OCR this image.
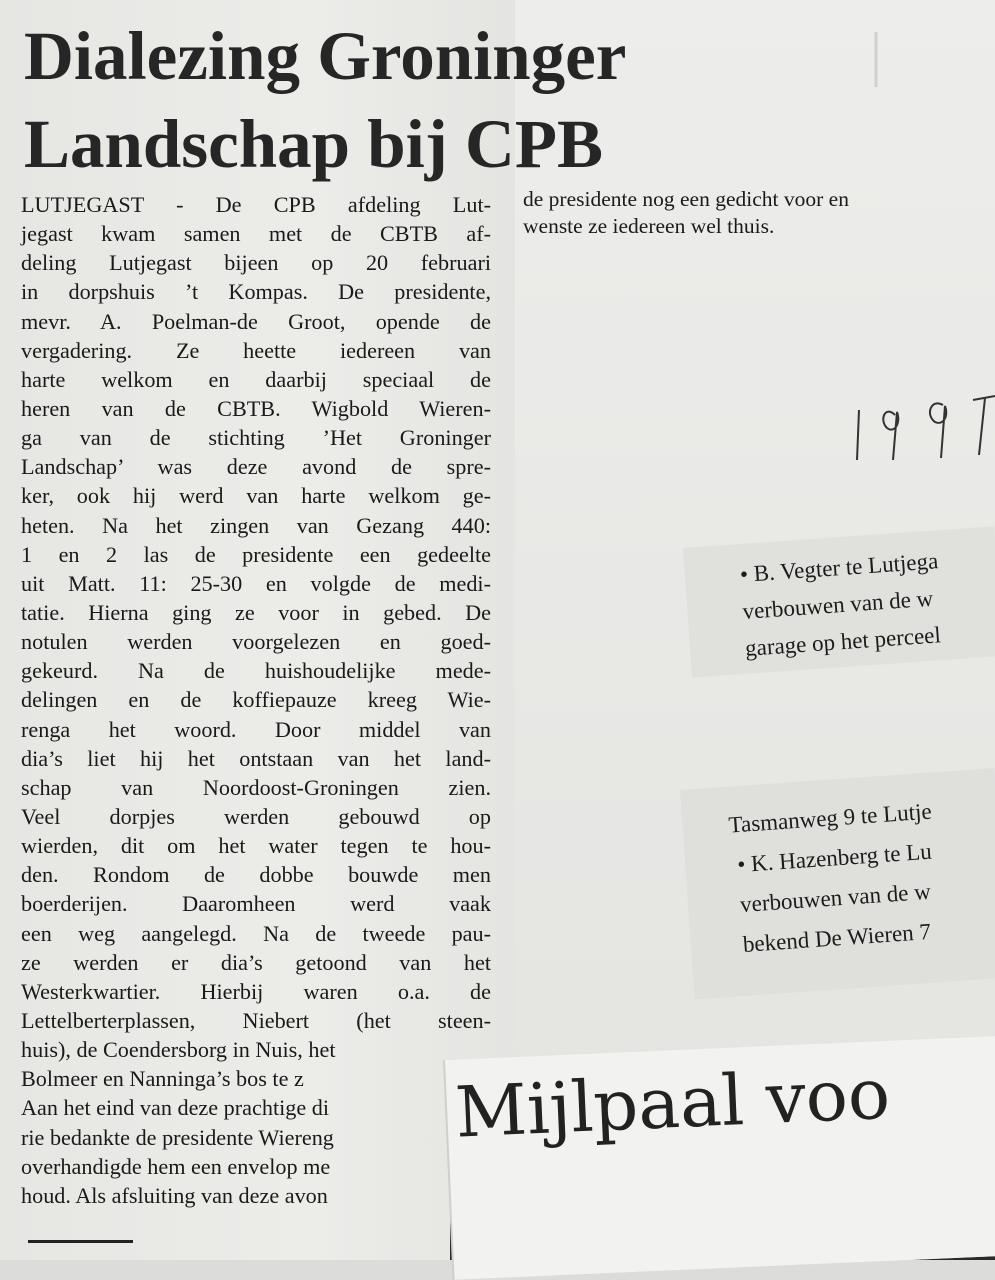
|
Dialezing Groninger
Landschap bij CPB
LUTJEGAST - De CPB afdeling Lut-
jegast kwam samen met de CBTB af-
deling Lutjegast bijeen op 20 februari
in dorpshuis ’t Kompas. De presidente,
mevr. A. Poelman-de Groot, opende de
vergadering. Ze heette iedereen van
harte welkom en daarbij speciaal de
heren van de CBTB. Wigbold Wieren-
ga van de stichting ’Het Groninger
Landschap’ was deze avond de spre-
ker, ook hij werd van harte welkom ge-
heten. Na het zingen van Gezang 440:
1 en 2 las de presidente een gedeelte
uit Matt. 11: 25-30 en volgde de medi-
tatie. Hierna ging ze voor in gebed. De
notulen werden voorgelezen en goed-
gekeurd. Na de huishoudelijke mede-
delingen en de koffiepauze kreeg Wie-
renga het woord. Door middel van
dia’s liet hij het ontstaan van het land-
schap van Noordoost-Groningen zien.
Veel dorpjes werden gebouwd op
wierden, dit om het water tegen te hou-
den. Rondom de dobbe bouwde men
boerderijen. Daaromheen werd vaak
een weg aangelegd. Na de tweede pau-
ze werden er dia’s getoond van het
Westerkwartier. Hierbij waren o.a. de
Lettelberterplassen, Niebert (het steen-
huis), de Coendersborg in Nuis, het
Bolmeer en Nanninga’s bos te z
Aan het eind van deze prachtige di
rie bedankte de presidente Wiereng
overhandigde hem een envelop me
houd. Als afsluiting van deze avon
de presidente nog een gedicht voor en
wenste ze iedereen wel thuis.
• B. Vegter te Lutjega
verbouwen van de w
garage op het perceel
Tasmanweg 9 te Lutje
• K. Hazenberg te Lu
verbouwen van de w
bekend De Wieren 7
Mijlpaal voo
